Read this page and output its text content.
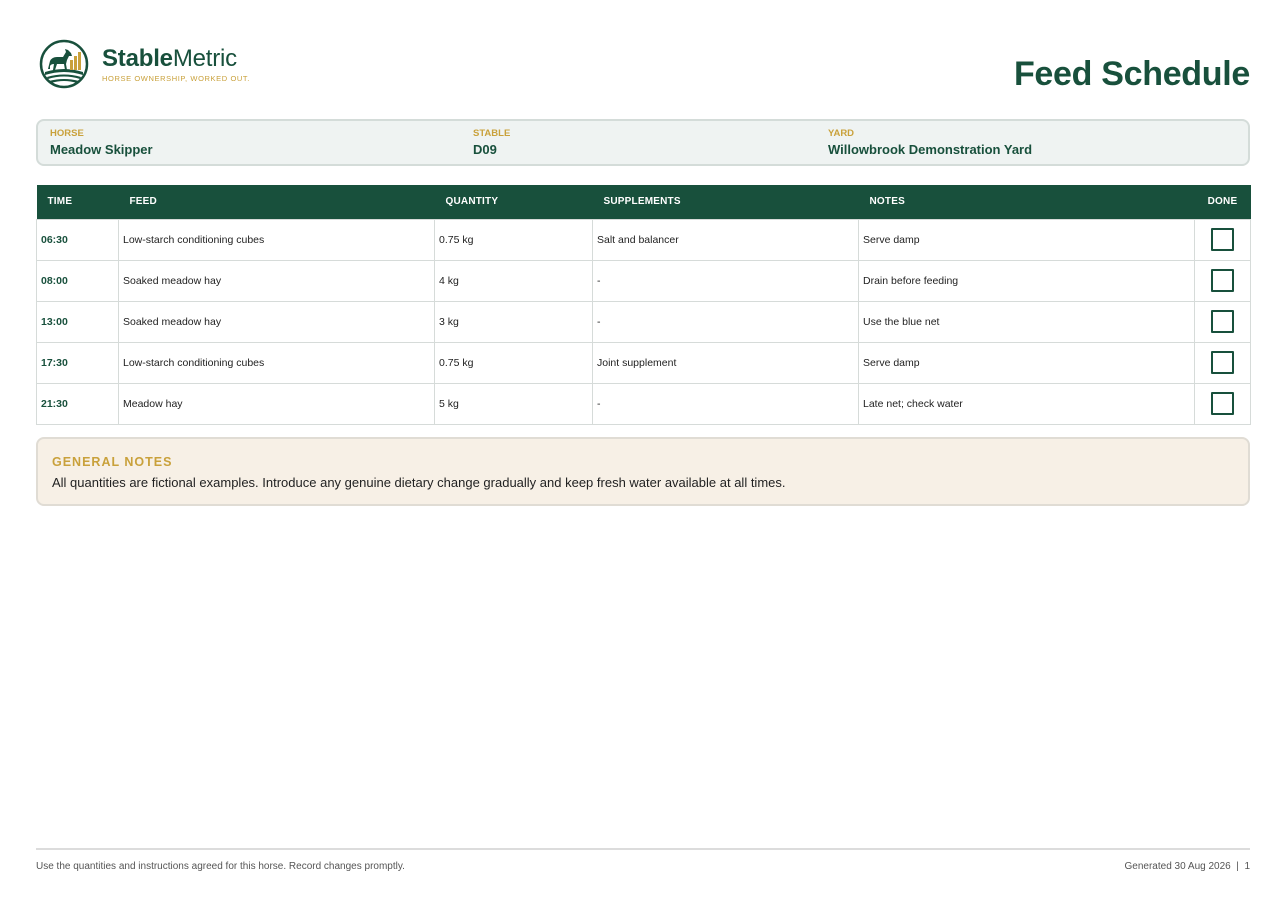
StableMetric
HORSE OWNERSHIP, WORKED OUT.	Feed Schedule
HORSE
Meadow Skipper
STABLE
D09
YARD
Willowbrook Demonstration Yard
TIME	FEED	QUANTITY	SUPPLEMENTS	NOTES	DONE
06:30	Low-starch conditioning cubes	0.75 kg	Salt and balancer	Serve damp	
08:00	Soaked meadow hay	4 kg	-	Drain before feeding	
13:00	Soaked meadow hay	3 kg	-	Use the blue net	
17:30	Low-starch conditioning cubes	0.75 kg	Joint supplement	Serve damp	
21:30	Meadow hay	5 kg	-	Late net; check water	
GENERAL NOTES
All quantities are fictional examples. Introduce any genuine dietary change gradually and keep fresh water available at all times.
Use the quantities and instructions agreed for this horse. Record changes promptly.	Generated 30 Aug 2026  |  1
